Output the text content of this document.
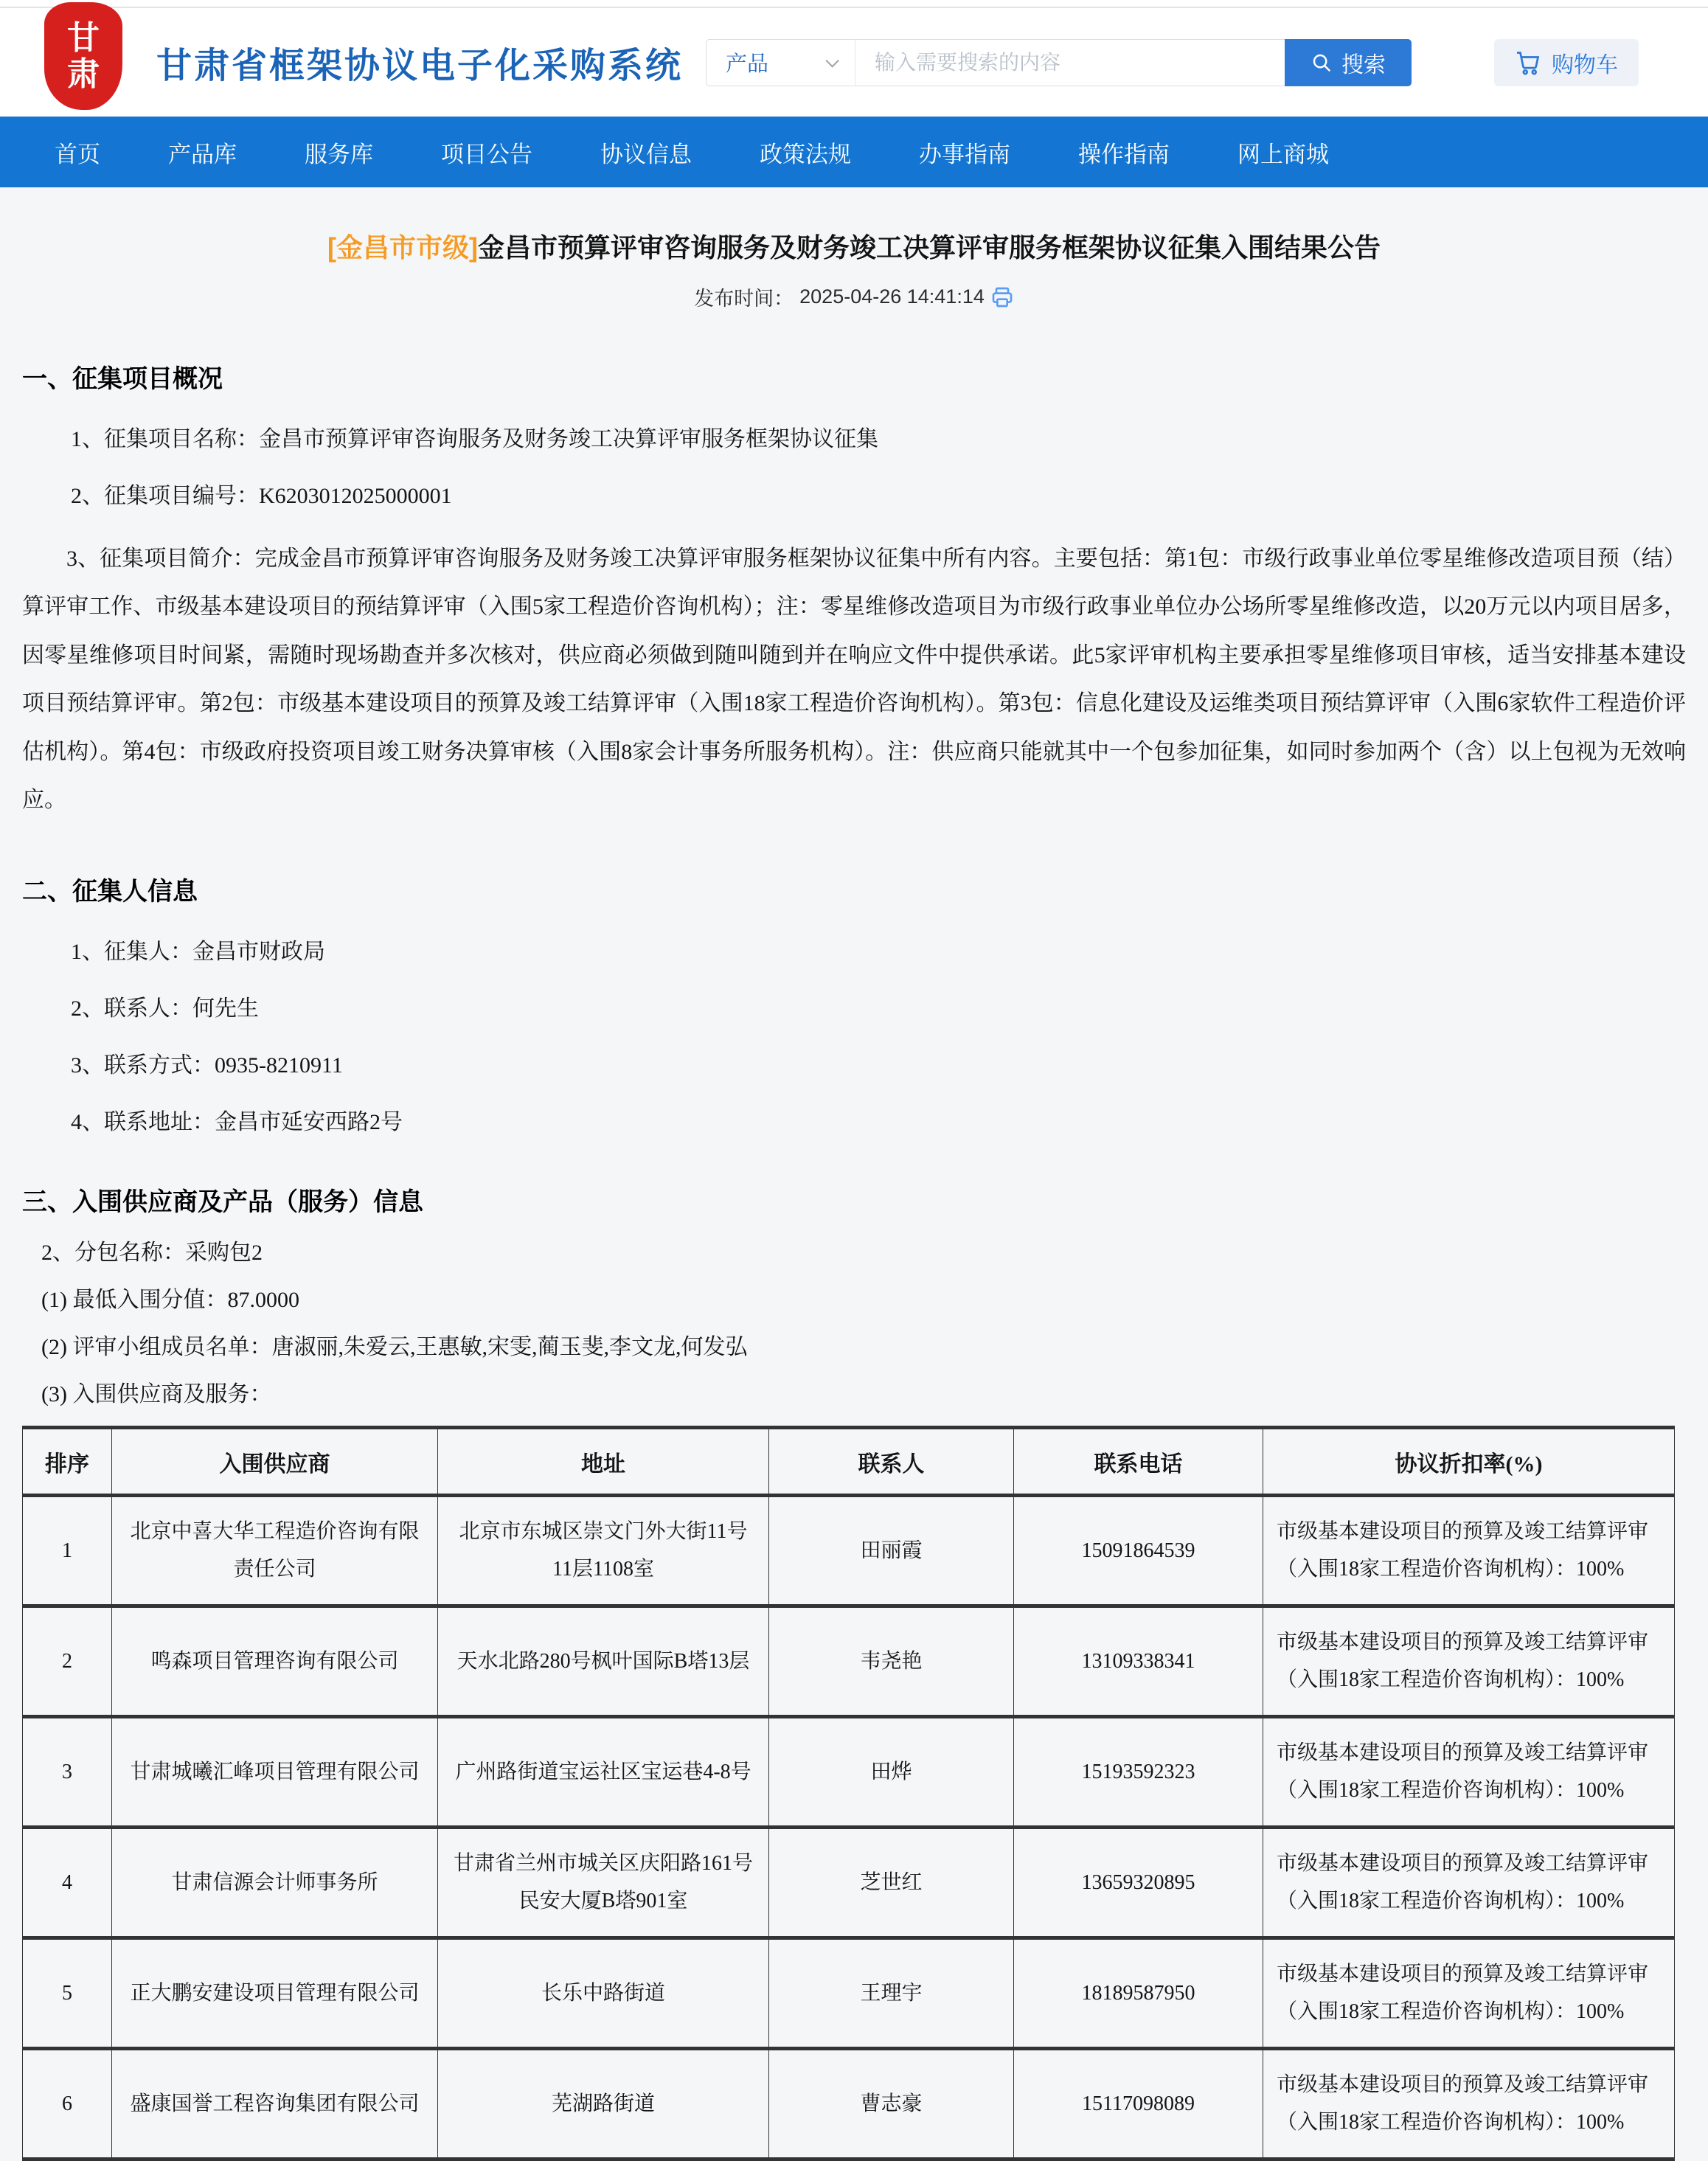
甘
肃 甘肃省框架协议电子化采购系统 产品
输入需要搜索的内容	搜索	购物车
首页	产品库	服务库	项目公告	协议信息	政策法规	办事指南	操作指南	网上商城
[金昌市市级]金昌市预算评审咨询服务及财务竣工决算评审服务框架协议征集入围结果公告
发布时间： 2025-04-26 14:41:14
一、征集项目概况

1、征集项目名称：金昌市预算评审咨询服务及财务竣工决算评审服务框架协议征集

2、征集项目编号：K6203012025000001

3、征集项目简介：完成金昌市预算评审咨询服务及财务竣工决算评审服务框架协议征集中所有内容。主要包括：第1包：市级行政事业单位零星维修改造项目预（结）算评审工作、市级基本建设项目的预结算评审（入围5家工程造价咨询机构）；注：零星维修改造项目为市级行政事业单位办公场所零星维修改造，以20万元以内项目居多，因零星维修项目时间紧，需随时现场勘查并多次核对，供应商必须做到随叫随到并在响应文件中提供承诺。此5家评审机构主要承担零星维修项目审核，适当安排基本建设项目预结算评审。第2包：市级基本建设项目的预算及竣工结算评审（入围18家工程造价咨询机构）。第3包：信息化建设及运维类项目预结算评审（入围6家软件工程造价评估机构）。第4包：市级政府投资项目竣工财务决算审核（入围8家会计事务所服务机构）。注：供应商只能就其中一个包参加征集，如同时参加两个（含）以上包视为无效响应。

二、征集人信息

1、征集人：金昌市财政局

2、联系人：何先生

3、联系方式：0935-8210911

4、联系地址：金昌市延安西路2号

三、入围供应商及产品（服务）信息

2、分包名称：采购包2

(1) 最低入围分值：87.0000

(2) 评审小组成员名单：唐淑丽,朱爱云,王惠敏,宋雯,蔺玉斐,李文龙,何发弘

(3) 入围供应商及服务：

排序	入围供应商	地址	联系人	联系电话	协议折扣率(%)
1	北京中喜大华工程造价咨询有限责任公司	北京市东城区崇文门外大街11号11层1108室	田丽霞	15091864539	市级基本建设项目的预算及竣工结算评审（入围18家工程造价咨询机构）：100%
2	鸣森项目管理咨询有限公司	天水北路280号枫叶国际B塔13层	韦尧艳	13109338341	市级基本建设项目的预算及竣工结算评审（入围18家工程造价咨询机构）：100%
3	甘肃城曦汇峰项目管理有限公司	广州路街道宝运社区宝运巷4-8号	田烨	15193592323	市级基本建设项目的预算及竣工结算评审（入围18家工程造价咨询机构）：100%
4	甘肃信源会计师事务所	甘肃省兰州市城关区庆阳路161号民安大厦B塔901室	芝世红	13659320895	市级基本建设项目的预算及竣工结算评审（入围18家工程造价咨询机构）：100%
5	正大鹏安建设项目管理有限公司	长乐中路街道	王理宇	18189587950	市级基本建设项目的预算及竣工结算评审（入围18家工程造价咨询机构）：100%
6	盛康国誉工程咨询集团有限公司	芜湖路街道	曹志豪	15117098089	市级基本建设项目的预算及竣工结算评审（入围18家工程造价咨询机构）：100%
